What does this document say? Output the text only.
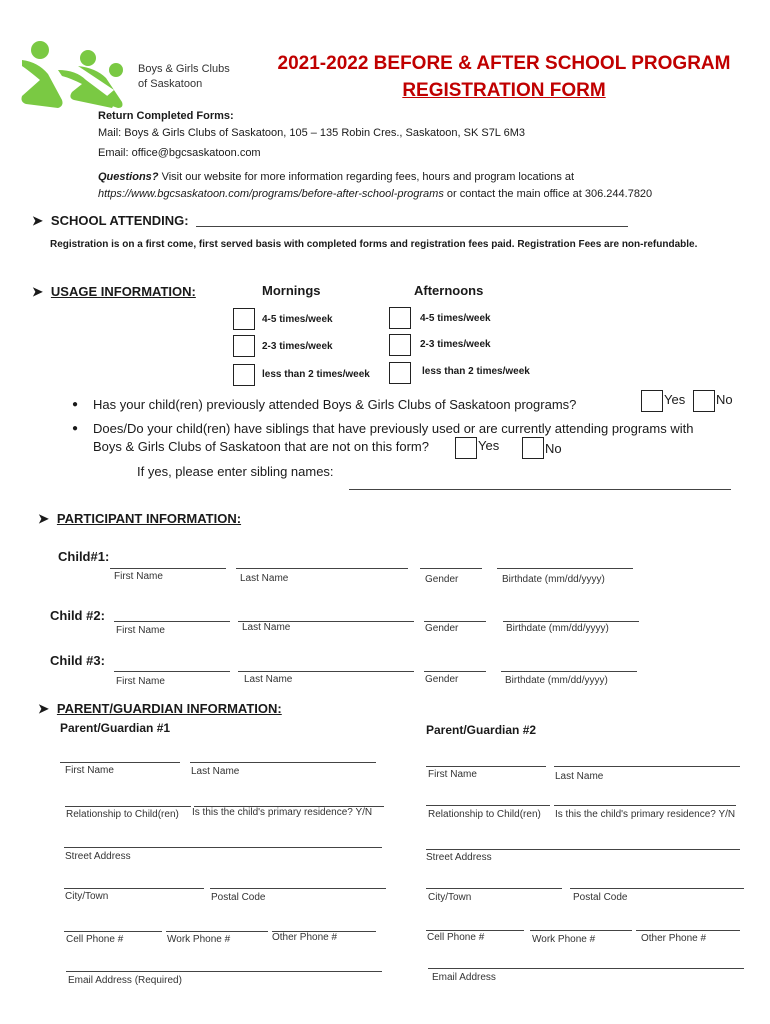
Boys & Girls Clubs
of Saskatoon
2021-2022 BEFORE & AFTER SCHOOL PROGRAM
REGISTRATION FORM
Return Completed Forms:
Mail: Boys & Girls Clubs of Saskatoon, 105 – 135 Robin Cres., Saskatoon, SK S7L 6M3
Email: office@bgcsaskatoon.com
Questions? Visit our website for more information regarding fees, hours and program locations at
https://www.bgcsaskatoon.com/programs/before-after-school-programs or contact the main office at 306.244.7820
➤ SCHOOL ATTENDING:
Registration is on a first come, first served basis with completed forms and registration fees paid. Registration Fees are non-refundable.
➤ USAGE INFORMATION:	Mornings	Afternoons
4-5 times/week
2-3 times/week
less than 2 times/week
4-5 times/week
2-3 times/week
less than 2 times/week
● Has your child(ren) previously attended Boys & Girls Clubs of Saskatoon programs?	Yes No
● Does/Do your child(ren) have siblings that have previously used or are currently attending programs with
Boys & Girls Clubs of Saskatoon that are not on this form?	Yes	No
If yes, please enter sibling names:
➤ PARTICIPANT INFORMATION:
Child#1:
First Name	Last Name	Gender	Birthdate (mm/dd/yyyy)
Child #2:
First Name	Last Name	Gender	Birthdate (mm/dd/yyyy)
Child #3:
First Name	Last Name	Gender	Birthdate (mm/dd/yyyy)
➤ PARENT/GUARDIAN INFORMATION:
Parent/Guardian #1	Parent/Guardian #2
First Name	Last Name
Relationship to Child(ren) Is this the child's primary residence? Y/N
Street Address
City/Town	Postal Code
Cell Phone #	Work Phone #	Other Phone #
Email Address (Required)
First Name	Last Name
Relationship to Child(ren) Is this the child's primary residence? Y/N
Street Address
City/Town	Postal Code
Cell Phone #	Work Phone #	Other Phone #
Email Address
